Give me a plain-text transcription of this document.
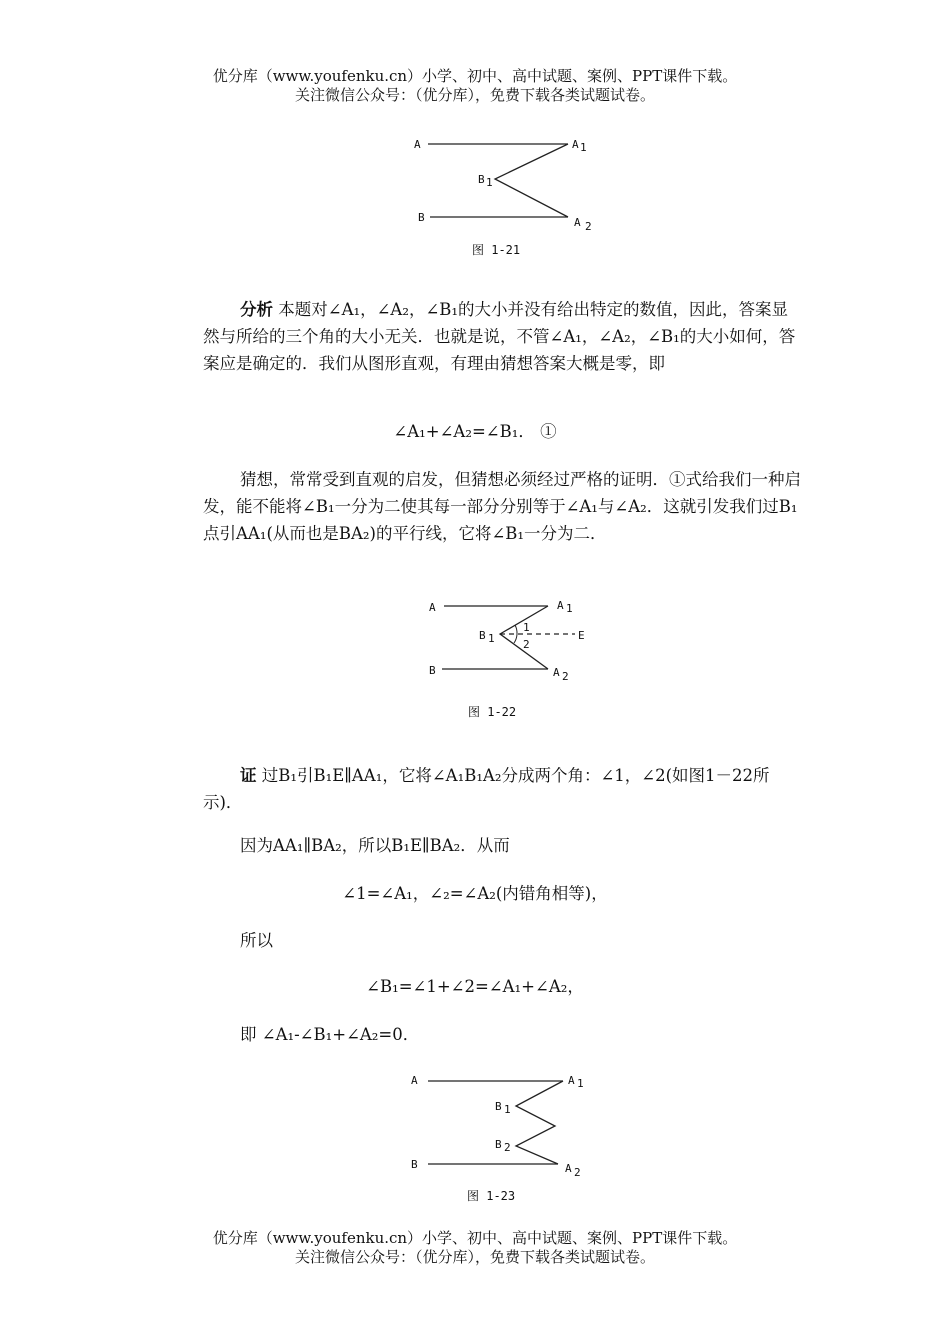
优分库（www.youfenku.cn）小学、初中、高中试题、案例、PPT课件下载。
关注微信公众号：（优分库），免费下载各类试题试卷。
A	A 1
B 1
B	A 2
图 1-21
分析 本题对∠A₁，∠A₂，∠B₁的大小并没有给出特定的数值，因此，答案显然与所给的三个角的大小无关．也就是说，不管∠A₁，∠A₂，∠B₁的大小如何，答案应是确定的．我们从图形直观，有理由猜想答案大概是零，即
∠A₁+∠A₂=∠B₁． ①
猜想，常常受到直观的启发，但猜想必须经过严格的证明．①式给我们一种启发，能不能将∠B₁一分为二使其每一部分分别等于∠A₁与∠A₂．这就引发我们过B₁点引AA₁(从而也是BA₂)的平行线，它将∠B₁一分为二．
A	A 1
B 1
1
2
E
B	A 2
图 1-22
证 过B₁引B₁E∥AA₁，它将∠A₁B₁A₂分成两个角：∠1，∠2(如图1－22所示)．
因为AA₁∥BA₂，所以B₁E∥BA₂．从而
∠1=∠A₁，∠₂=∠A₂(内错角相等)，
所以
∠B₁=∠1+∠2=∠A₁+∠A₂，
即 ∠A₁-∠B₁+∠A₂=0．
A	A 1
B 1
B 2
B	A 2
图 1-23
优分库（www.youfenku.cn）小学、初中、高中试题、案例、PPT课件下载。
关注微信公众号：（优分库），免费下载各类试题试卷。
